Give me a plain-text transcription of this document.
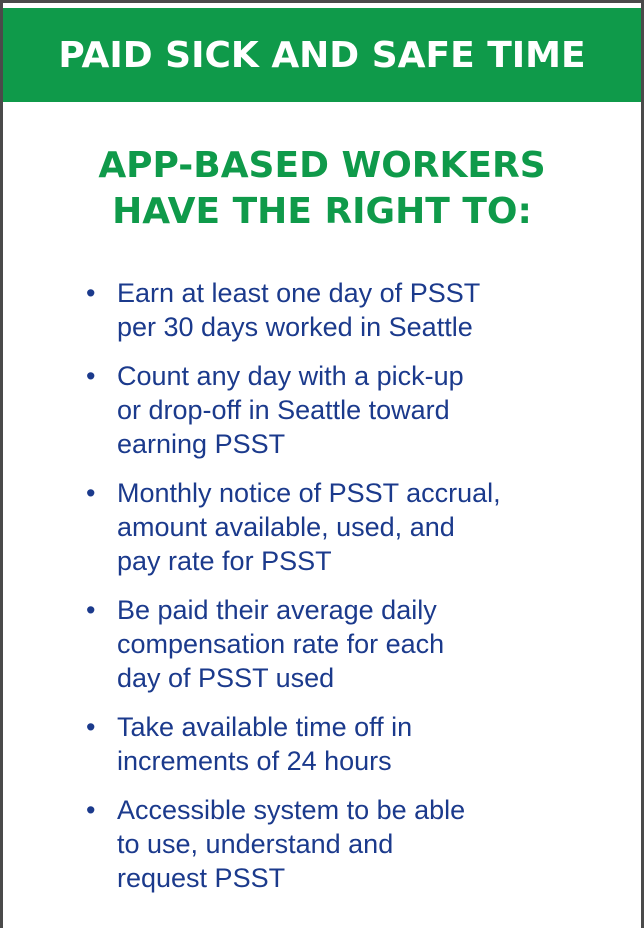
PAID SICK AND SAFE TIME
APP-BASED WORKERS
HAVE THE RIGHT TO:
• Earn at least one day of PSST
per 30 days worked in Seattle
• Count any day with a pick-up
or drop-off in Seattle toward
earning PSST
• Monthly notice of PSST accrual,
amount available, used, and
pay rate for PSST
• Be paid their average daily
compensation rate for each
day of PSST used
• Take available time off in
increments of 24 hours
• Accessible system to be able
to use, understand and
request PSST
